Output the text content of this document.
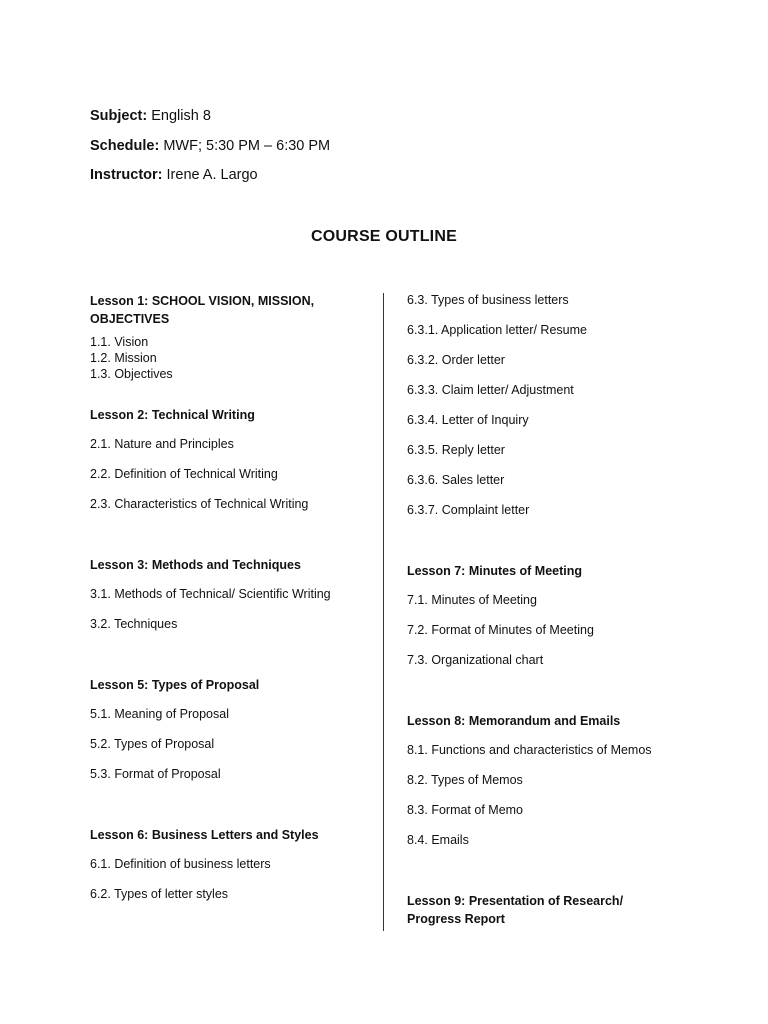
Subject: English 8
Schedule: MWF; 5:30 PM – 6:30 PM
Instructor: Irene A. Largo
COURSE OUTLINE
Lesson 1: SCHOOL VISION, MISSION,
OBJECTIVES
1.1. Vision
1.2. Mission
1.3. Objectives
Lesson 2: Technical Writing
2.1. Nature and Principles
2.2. Definition of Technical Writing
2.3. Characteristics of Technical Writing
Lesson 3: Methods and Techniques
3.1. Methods of Technical/ Scientific Writing
3.2. Techniques
Lesson 5: Types of Proposal
5.1. Meaning of Proposal
5.2. Types of Proposal
5.3. Format of Proposal
Lesson 6: Business Letters and Styles
6.1. Definition of business letters
6.2. Types of letter styles
6.3. Types of business letters
6.3.1. Application letter/ Resume
6.3.2. Order letter
6.3.3. Claim letter/ Adjustment
6.3.4. Letter of Inquiry
6.3.5. Reply letter
6.3.6. Sales letter
6.3.7. Complaint letter
Lesson 7: Minutes of Meeting
7.1. Minutes of Meeting
7.2. Format of Minutes of Meeting
7.3. Organizational chart
Lesson 8: Memorandum and Emails
8.1. Functions and characteristics of Memos
8.2. Types of Memos
8.3. Format of Memo
8.4. Emails
Lesson 9: Presentation of Research/
Progress Report
